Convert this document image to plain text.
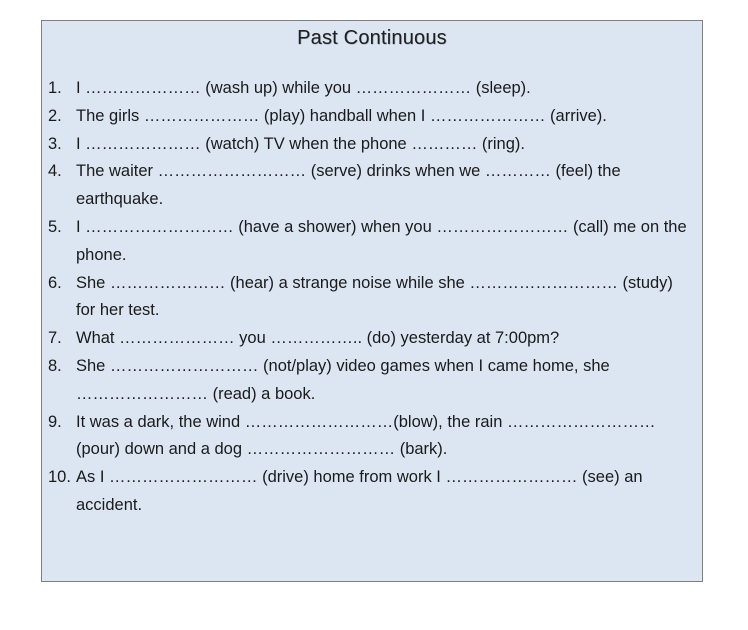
Past Continuous
1. I ………………… (wash up) while you ………………… (sleep).
2. The girls ………………… (play) handball when I ………………… (arrive).
3. I ………………… (watch) TV when the phone ………… (ring).
4. The waiter ……………………… (serve) drinks when we ………… (feel) the earthquake.
5. I ……………………… (have a shower) when you …………………… (call) me on the phone.
6. She ………………… (hear) a strange noise while she ……………………… (study) for her test.
7. What ………………… you …………….. (do) yesterday at 7:00pm?
8. She ……………………… (not/play) video games when I came home, she …………………… (read) a book.
9. It was a dark, the wind ………………………(blow), the rain ……………………… (pour) down and a dog ……………………… (bark).
10. As I ……………………… (drive) home from work I …………………… (see) an accident.
